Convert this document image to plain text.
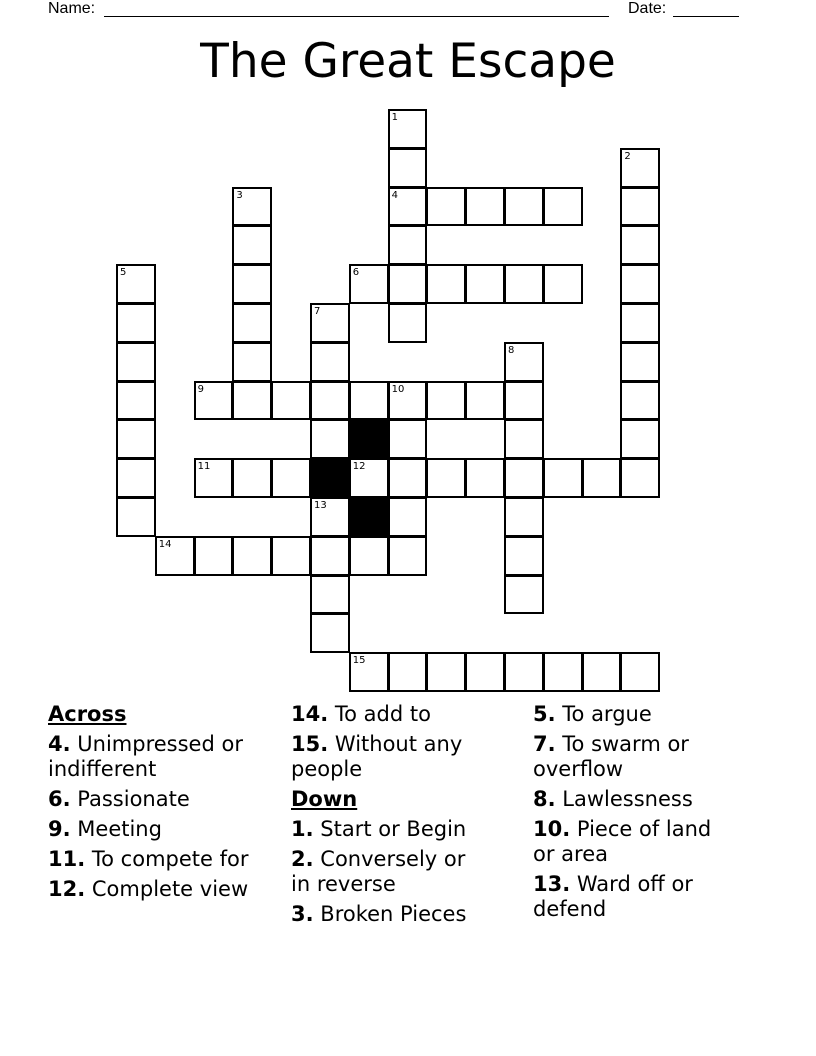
Name:	Date:
The Great Escape
1
2
3	4
5	6
7
8
9	10
11	12
13
14
15
Across
4. Unimpressed or indifferent
6. Passionate
9. Meeting
11. To compete for
12. Complete view
14. To add to
15. Without any people
Down
1. Start or Begin
2. Conversely or in reverse
3. Broken Pieces
5. To argue
7. To swarm or overflow
8. Lawlessness
10. Piece of land or area
13. Ward off or defend
